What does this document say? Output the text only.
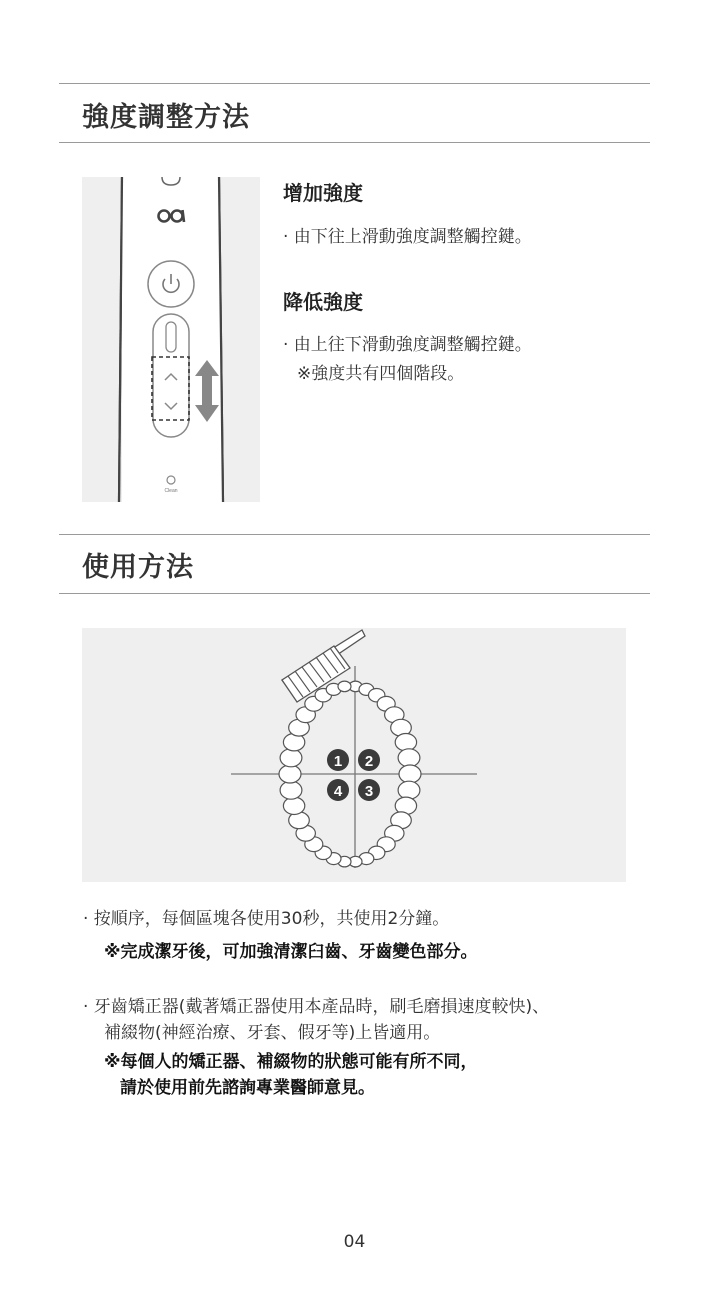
強度調整方法
Clean
增加強度
· 由下往上滑動強度調整觸控鍵。
降低強度
· 由上往下滑動強度調整觸控鍵。
※強度共有四個階段。
使用方法
1 2
3
4
· 按順序，每個區塊各使用30秒，共使用2分鐘。
※完成潔牙後，可加強清潔臼齒、牙齒變色部分。
· 牙齒矯正器(戴著矯正器使用本產品時，刷毛磨損速度較快)、
補綴物(神經治療、牙套、假牙等)上皆適用。
※每個人的矯正器、補綴物的狀態可能有所不同，
請於使用前先諮詢專業醫師意見。
04
